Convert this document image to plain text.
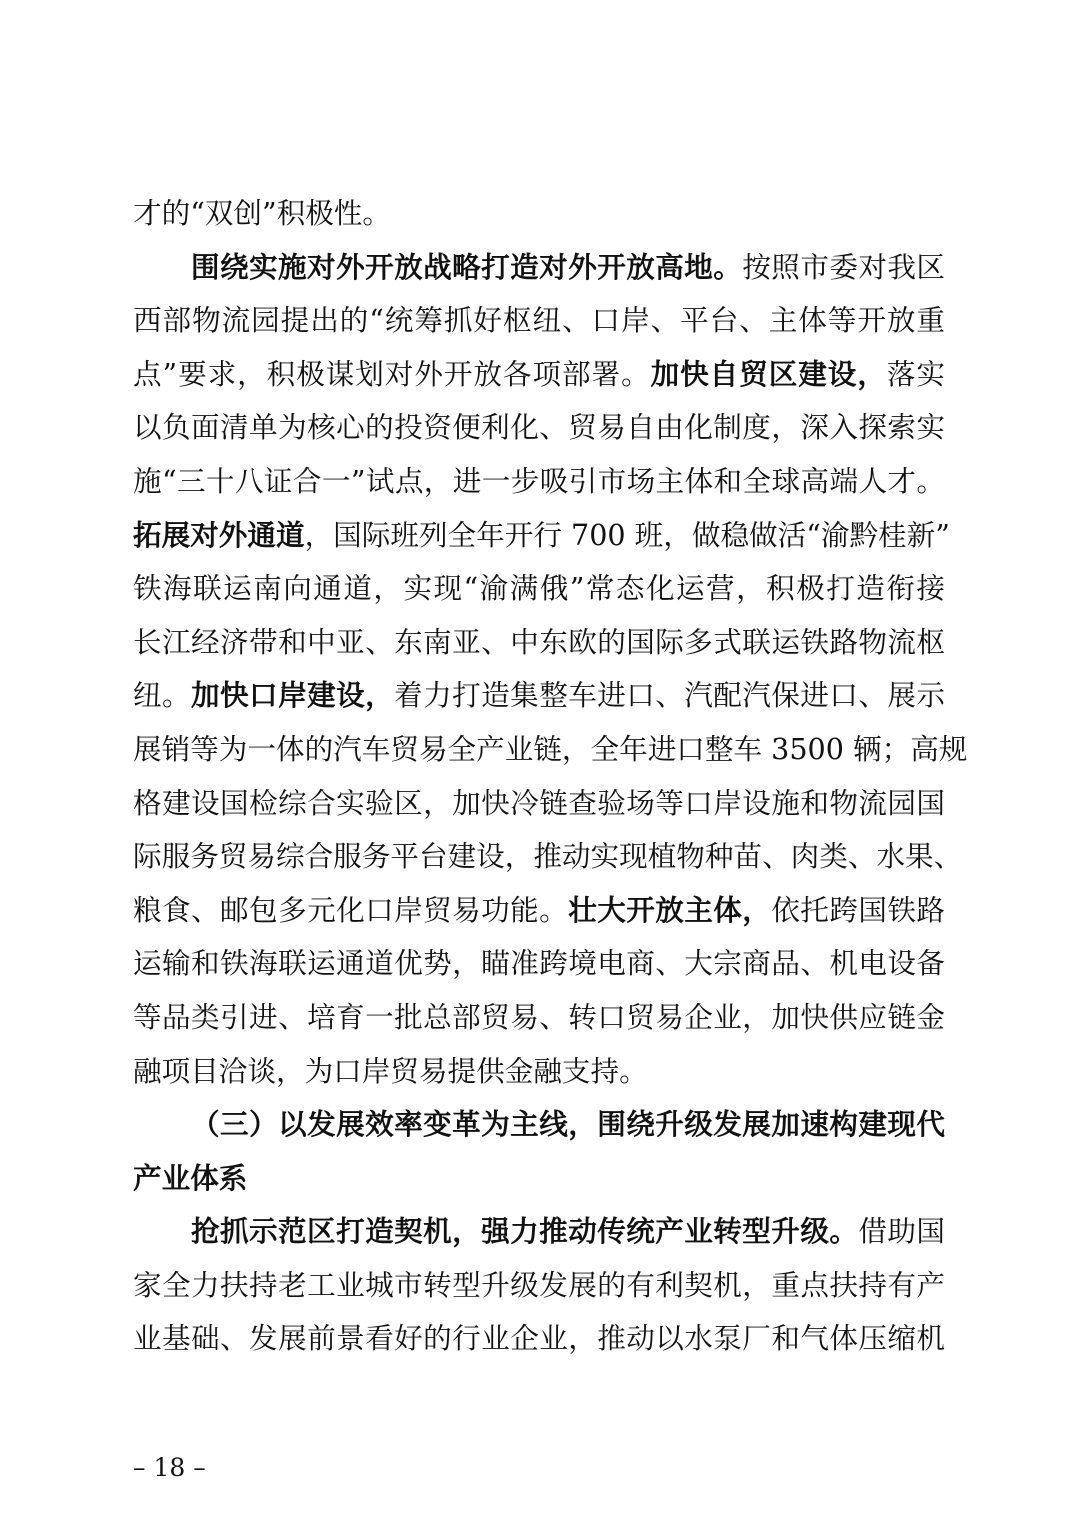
才的“双创”积极性。
围绕实施对外开放战略打造对外开放高地。按照市委对我区
西部物流园提出的“统筹抓好枢纽、口岸、平台、主体等开放重
点”要求，积极谋划对外开放各项部署。加快自贸区建设，落实
以负面清单为核心的投资便利化、贸易自由化制度，深入探索实
施“三十八证合一”试点，进一步吸引市场主体和全球高端人才。
拓展对外通道，国际班列全年开行 700 班，做稳做活“渝黔桂新”
铁海联运南向通道，实现“渝满俄”常态化运营，积极打造衔接
长江经济带和中亚、东南亚、中东欧的国际多式联运铁路物流枢
纽。加快口岸建设，着力打造集整车进口、汽配汽保进口、展示
展销等为一体的汽车贸易全产业链，全年进口整车 3500 辆；高规
格建设国检综合实验区，加快冷链查验场等口岸设施和物流园国
际服务贸易综合服务平台建设，推动实现植物种苗、肉类、水果、
粮食、邮包多元化口岸贸易功能。壮大开放主体，依托跨国铁路
运输和铁海联运通道优势，瞄准跨境电商、大宗商品、机电设备
等品类引进、培育一批总部贸易、转口贸易企业，加快供应链金
融项目洽谈，为口岸贸易提供金融支持。
（三）以发展效率变革为主线，围绕升级发展加速构建现代
产业体系
抢抓示范区打造契机，强力推动传统产业转型升级。借助国
家全力扶持老工业城市转型升级发展的有利契机，重点扶持有产
业基础、发展前景看好的行业企业，推动以水泵厂和气体压缩机
– 18 –
